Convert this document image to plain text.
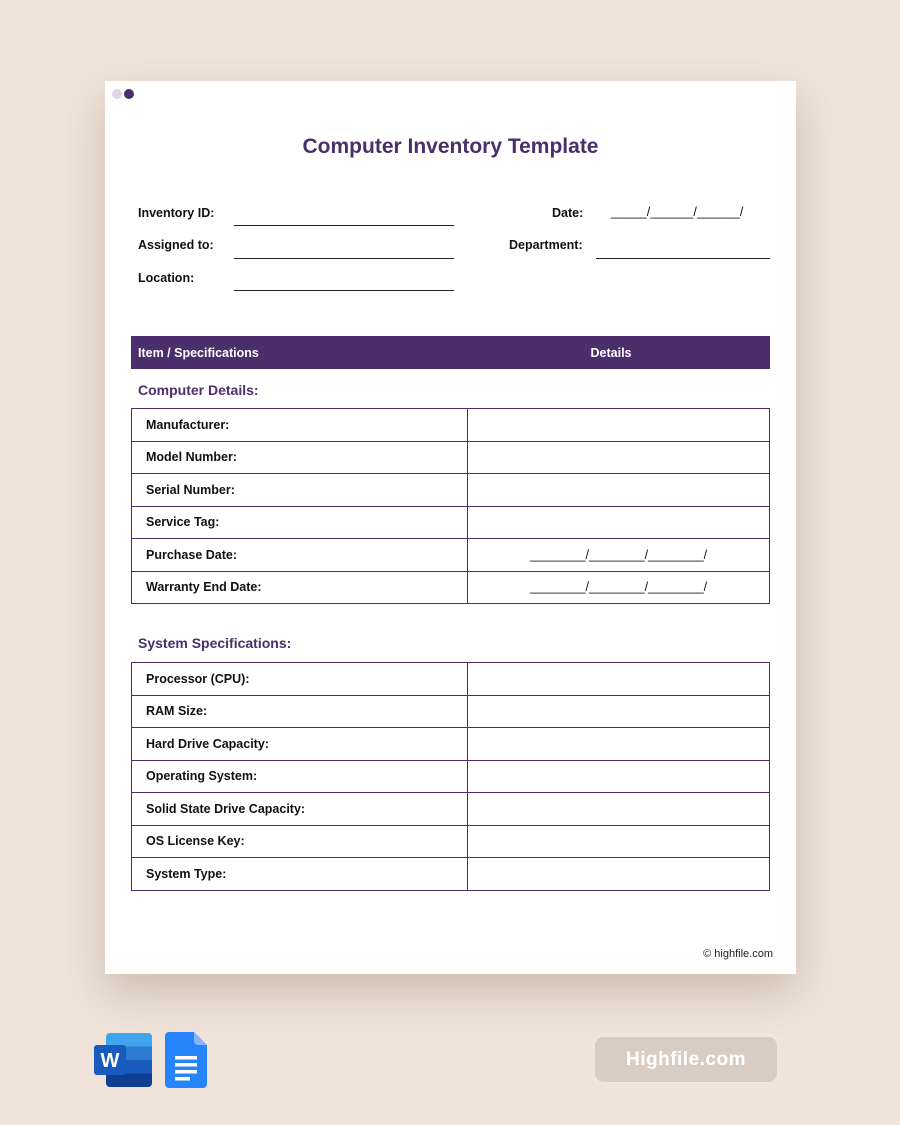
Computer Inventory Template
Inventory ID:
Assigned to:
Location:
Date: _____/______/______/
Department:
Item / Specifications	Details
Computer Details:
Manufacturer:	
Model Number:	
Serial Number:	
Service Tag:	
Purchase Date:	________/________/________/
Warranty End Date:	________/________/________/
System Specifications:
Processor (CPU):	
RAM Size:	
Hard Drive Capacity:	
Operating System:	
Solid State Drive Capacity:	
OS License Key:	
System Type:	
© highfile.com
W	Highfile.com
